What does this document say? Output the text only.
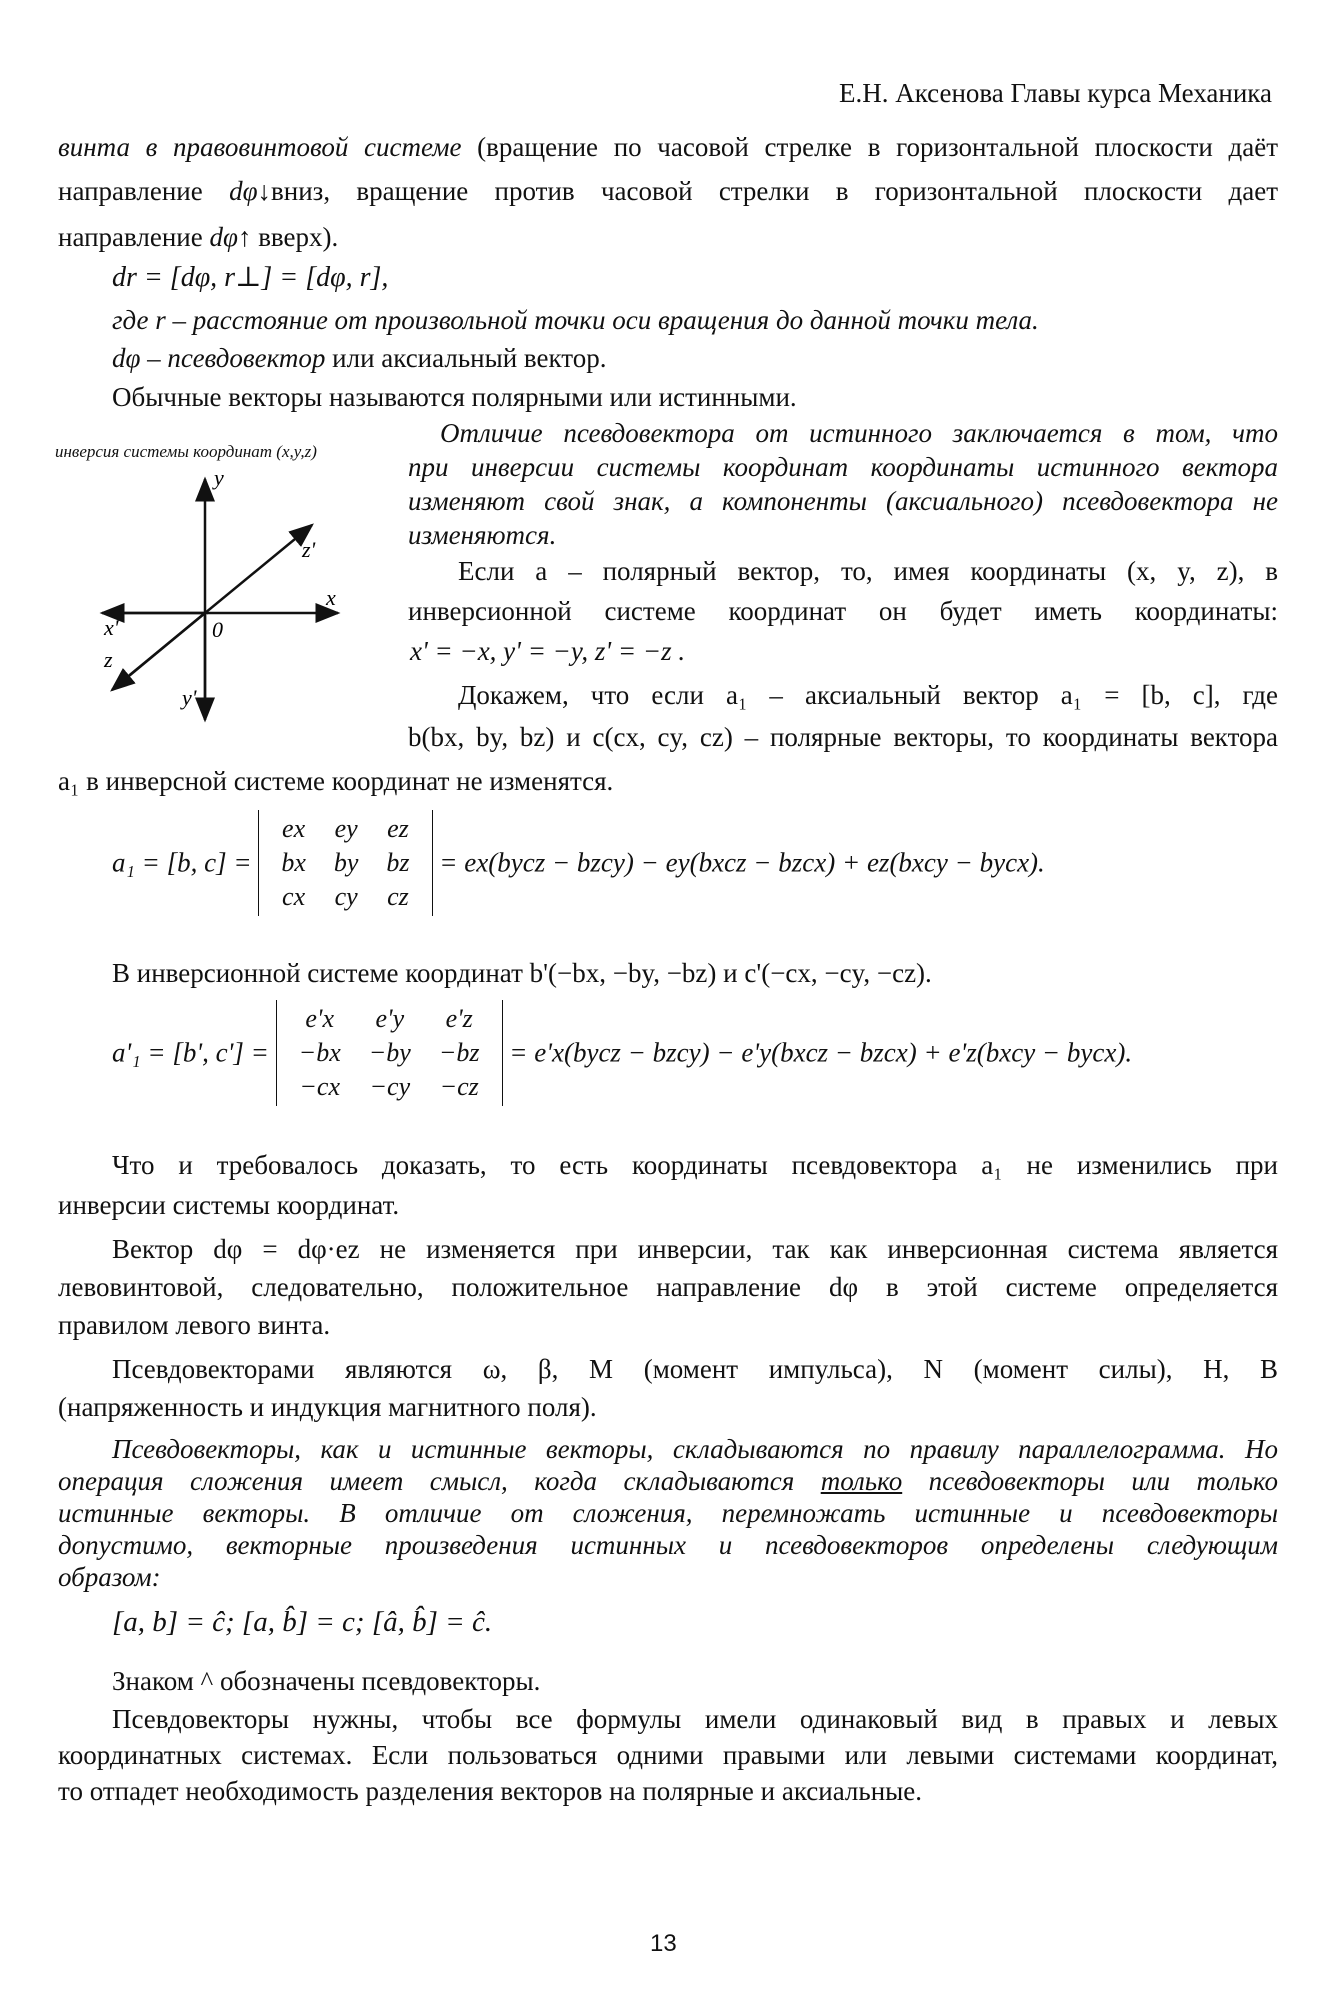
Е.Н. Аксенова Главы курса Механика
винта в правовинтовой системе (вращение по часовой стрелке в горизонтальной плоскости даёт
направление dφ↓вниз, вращение против часовой стрелки в горизонтальной плоскости дает
направление dφ↑ вверх).
dr = [dφ, r⊥] = [dφ, r],
где r – расстояние от произвольной точки оси вращения до данной точки тела.
dφ – псевдовектор или аксиальный вектор.
Обычные векторы называются полярными или истинными.
инверсия системы координат (x,y,z)
y
z'
x
x'	0
z
y'
Отличие псевдовектора от истинного заключается в том, что
при инверсии системы координат координаты истинного вектора
изменяют свой знак, а компоненты (аксиального) псевдовектора не
изменяются.
Если a – полярный вектор, то, имея координаты (x, y, z), в
инверсионной системе координат он будет иметь координаты:
x' = −x, y' = −y, z' = −z .
Докажем, что если a₁ – аксиальный вектор a₁ = [b, c], где
b(bx, by, bz) и c(cx, cy, cz) – полярные векторы, то координаты вектора
a₁ в инверсной системе координат не изменятся.
a₁ = [b, c] =
ex	ey	ez
bx	by	bz
cx	cy	cz
= ex(bycz − bzcy) − ey(bxcz − bzcx) + ez(bxcy − bycx).
В инверсионной системе координат b'(−bx, −by, −bz) и c'(−cx, −cy, −cz).
a'₁ = [b', c'] =
e'x	e'y	e'z
−bx	−by	−bz
−cx	−cy	−cz
= e'x(bycz − bzcy) − e'y(bxcz − bzcx) + e'z(bxcy − bycx).
Что и требовалось доказать, то есть координаты псевдовектора a₁ не изменились при
инверсии системы координат.
Вектор dφ = dφ·ez не изменяется при инверсии, так как инверсионная система является
левовинтовой, следовательно, положительное направление dφ в этой системе определяется
правилом левого винта.
Псевдовекторами являются ω, β, M (момент импульса), N (момент силы), H, B
(напряженность и индукция магнитного поля).
Псевдовекторы, как и истинные векторы, складываются по правилу параллелограмма. Но
операция сложения имеет смысл, когда складываются только псевдовекторы или только
истинные векторы. В отличие от сложения, перемножать истинные и псевдовекторы
допустимо, векторные произведения истинных и псевдовекторов определены следующим
образом:
[a, b] = ĉ; [a, b̂] = c; [â, b̂] = ĉ.
Знаком ^ обозначены псевдовекторы.
Псевдовекторы нужны, чтобы все формулы имели одинаковый вид в правых и левых
координатных системах. Если пользоваться одними правыми или левыми системами координат,
то отпадет необходимость разделения векторов на полярные и аксиальные.
13
